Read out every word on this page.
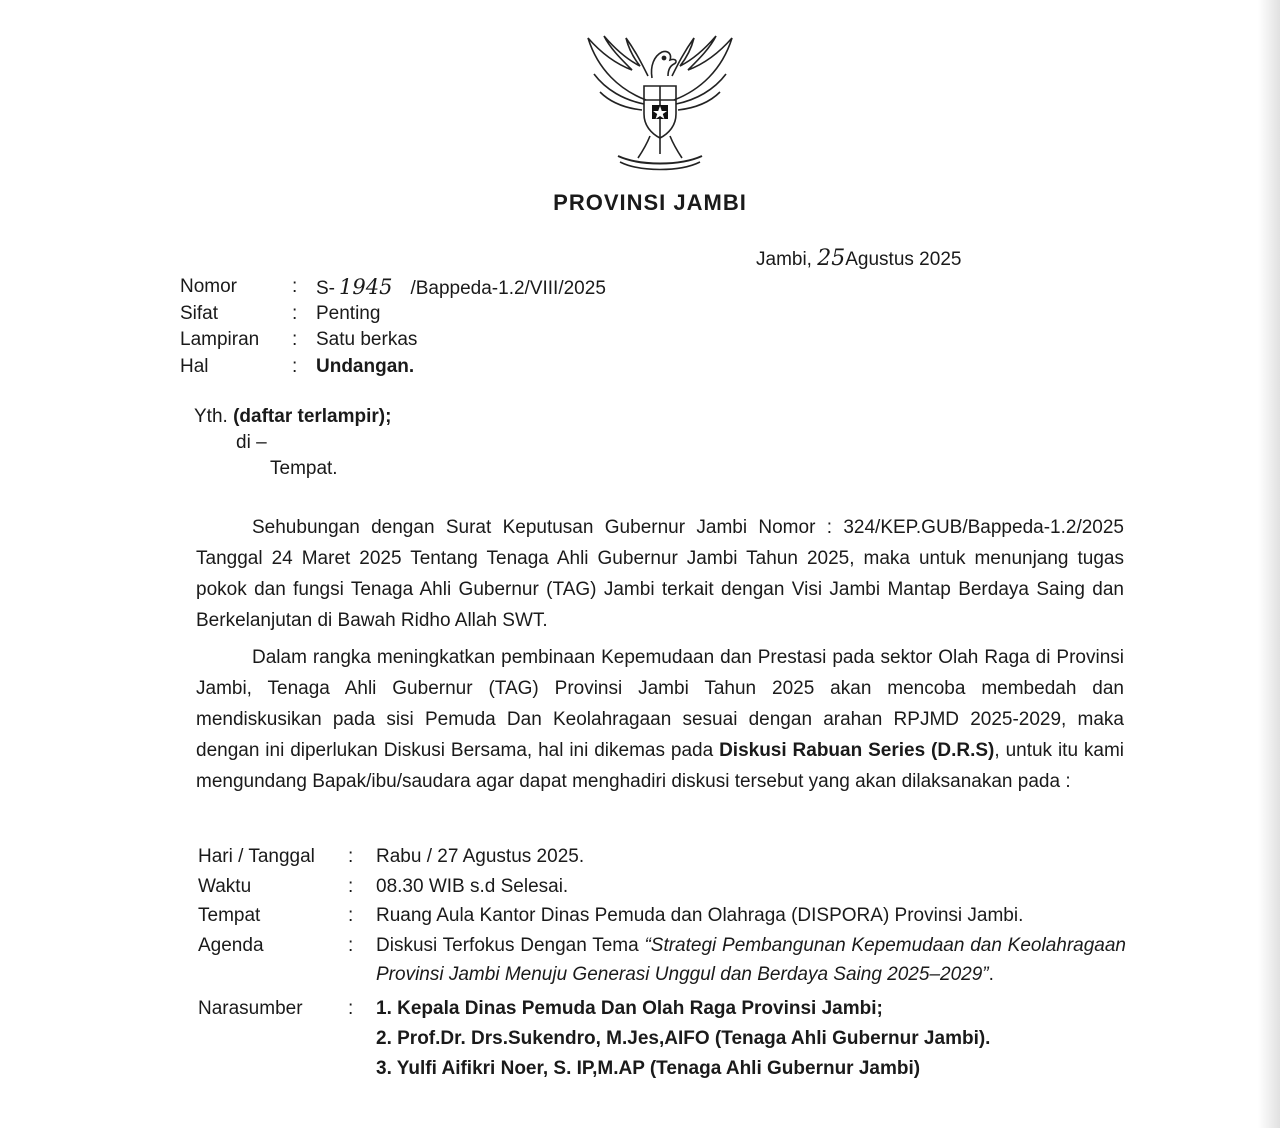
PROVINSI JAMBI
Jambi, 25Agustus 2025
Nomor	: S- 1945 /Bappeda-1.2/VIII/2025
Sifat	: Penting
Lampiran	: Satu berkas
Hal	: Undangan.
Yth. (daftar terlampir);
di –
Tempat.

Sehubungan dengan Surat Keputusan Gubernur Jambi Nomor : 324/KEP.GUB/Bappeda-1.2/2025 Tanggal 24 Maret 2025 Tentang Tenaga Ahli Gubernur Jambi Tahun 2025, maka untuk menunjang tugas pokok dan fungsi Tenaga Ahli Gubernur (TAG) Jambi terkait dengan Visi Jambi Mantap Berdaya Saing dan Berkelanjutan di Bawah Ridho Allah SWT.

Dalam rangka meningkatkan pembinaan Kepemudaan dan Prestasi pada sektor Olah Raga di Provinsi Jambi, Tenaga Ahli Gubernur (TAG) Provinsi Jambi Tahun 2025 akan mencoba membedah dan mendiskusikan pada sisi Pemuda Dan Keolahragaan sesuai dengan arahan RPJMD 2025-2029, maka dengan ini diperlukan Diskusi Bersama, hal ini dikemas pada Diskusi Rabuan Series (D.R.S), untuk itu kami mengundang Bapak/ibu/saudara agar dapat menghadiri diskusi tersebut yang akan dilaksanakan pada :

Hari / Tanggal	:	Rabu / 27 Agustus 2025.
Waktu	:	08.30 WIB s.d Selesai.
Tempat	:	Ruang Aula Kantor Dinas Pemuda dan Olahraga (DISPORA) Provinsi Jambi.
Agenda	:	Diskusi Terfokus Dengan Tema “Strategi Pembangunan Kepemudaan dan Keolahragaan Provinsi Jambi Menuju Generasi Unggul dan Berdaya Saing 2025–2029”.
Narasumber	:	1. Kepala Dinas Pemuda Dan Olah Raga Provinsi Jambi;
2. Prof.Dr. Drs.Sukendro, M.Jes,AIFO (Tenaga Ahli Gubernur Jambi).
3. Yulfi Aifikri Noer, S. IP,M.AP (Tenaga Ahli Gubernur Jambi)
